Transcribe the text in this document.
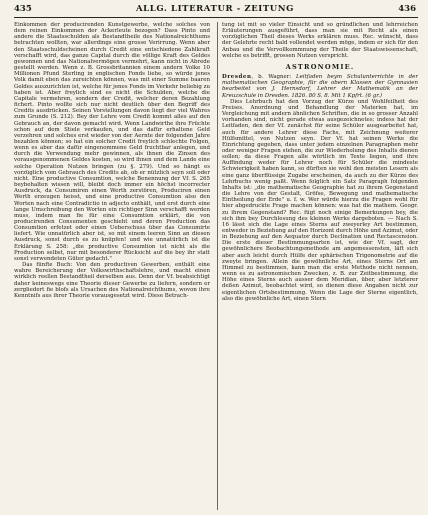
435	ALLG. LITERATUR - ZEITUNG	436

Einkommen der producirenden Kunstgewerbe, welche solches von dem reinen Einkommen der Ackerleute bezogen? Dass Pinto und andere die Staatsschulden als Bestandtheile des Nationalreichthums betrachten wollten, war allerdings eine grosse Verirrung. Wenn aber den Staatsschuldscheinen durch Credit eine entschiedene Zahlkraft verschafft wird, das ganze Capital durch die völlige Kraft des Geldes gewonnen und das Nationalvermögen vermehrt, kann nicht in Abrede gestellt werden. Wenn z. B. Grossbritannien einem andern Volke 10 Millionen Pfund Sterling in englischen Fonds liehe, so würde jenes Volk damit eben das zureichten können, was mit einer Summe baaren Geldes auszurichten ist, welche für jenes Fonds im Verkehr beliebig zu haben ist. Aber freylich sind es nicht die Schulden, welche die Capitale vermehren, sondern der Credit, welcher deren Bezahlung fichert. Pinto wollte sich nur nicht deutlich über den Begriff des Credits ausdrücken. Seinen Vorstellungen davon liegt der viel Wahres zum Grunde (S. 212). Bey der Lehre vom Credit kommt alles auf den Gebrauch an, der davon gemacht wird. Wenn Landwirthe ihre Früchte schon auf dem Stiele verkaufen, und das dafür erhaltene Geld verzehren und solches erst wieder von der Aernte der folgenden Jahre bezahlen können; so hat ein solcher Credit freylich schlechte Folgen, wenn es aber das dafür eingenommene Geld fruchtbar anlegen, und durch die Verwendung mehr gewinnen, als ihnen die Zinsen des vorausgenommenen Geldes kosten, so wird ihnen und dem Lande eine solche Operation Nutzen bringen (zu §. 279). Und so hängt es vorzüglich vom Gebrauch des Credits ab, ob er nützlich seyn soll oder nicht. Eine productive Consumtion, welche Benennung der Vf. S. 265 beybehalten wissen will, bleibt doch immer ein höchst incorrecter Ausdruck, da Consumiren einen Werth zerstören, Produciren einen Werth erzeugen heisst, und eine productive Consumtion also den Worten nach eine Contradictio in adjecto enthält, und erst durch eine lange Umschreibung den Worten ein richtiger Sinn verschafft werden muss, indem man fie für eine Consumtion erklärt, die von producirenden Consumenten geschieht und deren Production das Consumtion erfetzet oder einen Ueberschuss über das Consumirte liefert. Wie unnatürlich aber ist, so mit einem leeren Sinn an diesen Ausdruck, sonst durch es zu knüpfen! und wie unnatürlich ist die Erklärung S. 258: „die productive Consumtion ist nicht als die Production selbst, nur mit besonderer Rücksicht auf die bey ihr statt sonst verwendeten Güter gedacht."

Das fünfte Buch: Von den productiven Gewerben, enthält eine wahre Bereicherung der Volkswirthschaftslehre, und macht einen wirklich reellen Bestandtheil derselben aus. Denn der Vf. beabsichtigt daher keineswegs eine Theorie dieser Gewerbe zu liefern, sondern er zergliedert fie blofs als Ursachen des Nationalreichthums, wovon ihre Kenntnifs aus ihrer Theorie vorausgesetzt wird. Diese Betrach-

tung ist mit so vieler Einsicht und so gründlichen und lehrreichen Erläuterungen ausgeführt, dass man sie mit Recht als einen vorzüglichen Theil dieses Werks erklären muss. Rec. wünscht, dass der Gelehrte recht bald vollendet werden möge, indem er sich für den Anbau und die Vervollkommnung der Theile der Staatswissenschaft, welche es betrifft, grossen Nutzen verspricht.

ASTRONOMIE.

Dresden, b. Wagner: Leitfaden beym Schulunterrichte in der mathematischen Geographie, für die obern Klassen der Gymnasien bearbeitet von J. Hernsdorf, Lehrer der Mathematik an der Kreuzschule in Dresden. 1826. 80 S. 8. Mit 1 Kpfrt. (6 gr.)

Dies Lehrbuch hat den Vorzug der Kürze und Wohlfeilheit des Preises. Anordnung und Behandlung der Materien hat, im Vergleichung mit andern ähnlichen Schriften, die in so grosser Anzahl vorhanden sind, nicht gerade etwas ausgezeichnetes; indess hat der Leitfaden, den der Vf. zunächst für seine Schüler ausgearbeitet hat, auch für andere Lehrer diese Fachs, mit Zeichnung weiterer Hülfsmittel, von Nutzen seyn. Der Vf. hat seinen Werke die Einrichtung gegeben, dass unter jedem einzelnen Paragraphen mehr oder weniger Fragen stehen, die zur Wiederholung des Inhalts dienen sollen; da diese Fragen alle wörtlich im Texte liegen, und ihre Auffindung weder für Lehrer noch für Schüler die mindeste Schwierigkeit haben kann, so dürften sie wohl den meisten Lesern als eine ganz überflüssige Zugabe erscheinen, da auch zu der Kürze des Lehrbuchs wenig paßt. Wenn folglich ein Satz Paragraph folgenden Inhalts ist: „die mathematische Geographie hat zu ihrem Gegenstand die Lehre von der Gestalt, Gröfse, Bewegung und mathematische Eintheilung der Erde" u. f. w. Wer würde hierzu die Fragen wohl für hier abgedruckte Frage machen können: was hat die mathem. Geogr. zu ihrem Gegenstand? Rec. fügt noch einige Bemerkungen bey, die sich ihm bey Durchlesung des kleinen Werks dargeboten. — Nach S. 16 lässt sich die Lage eines Sterns auf zweyerley Art bestimmen, entweder in Beziehung auf den Horizont durch Höhe und Azimut, oder in Beziehung auf den Aequator durch Declination und Rectascension. Die erste dieser Bestimmungsarten ist, wie der Vf. sagt, der gewöhnlichere Beobachtungsmethode am angemessensten, läft sich aber auch leicht durch Hülfe der sphärischen Trigonometrie auf die zweyte bringen. Allein die gewöhnliche Art, eines Sterns Ort am Himmel zu bestimmen, kann man die erste Methode nicht nennen, wenn es zu astronomischen Zwecken, z. B. zur Zeitbestimmung, die Höhe eines Sterns auch ausser dem Meridian, über, aber letzterer deßen Azimut, beobachtet wird, so dienen diese Angaben nicht zur eigentlichen Ortsbestimmung. Wenn die Lage der Sterne eigentlich, also die gewöhnliche Art, einen Stern
